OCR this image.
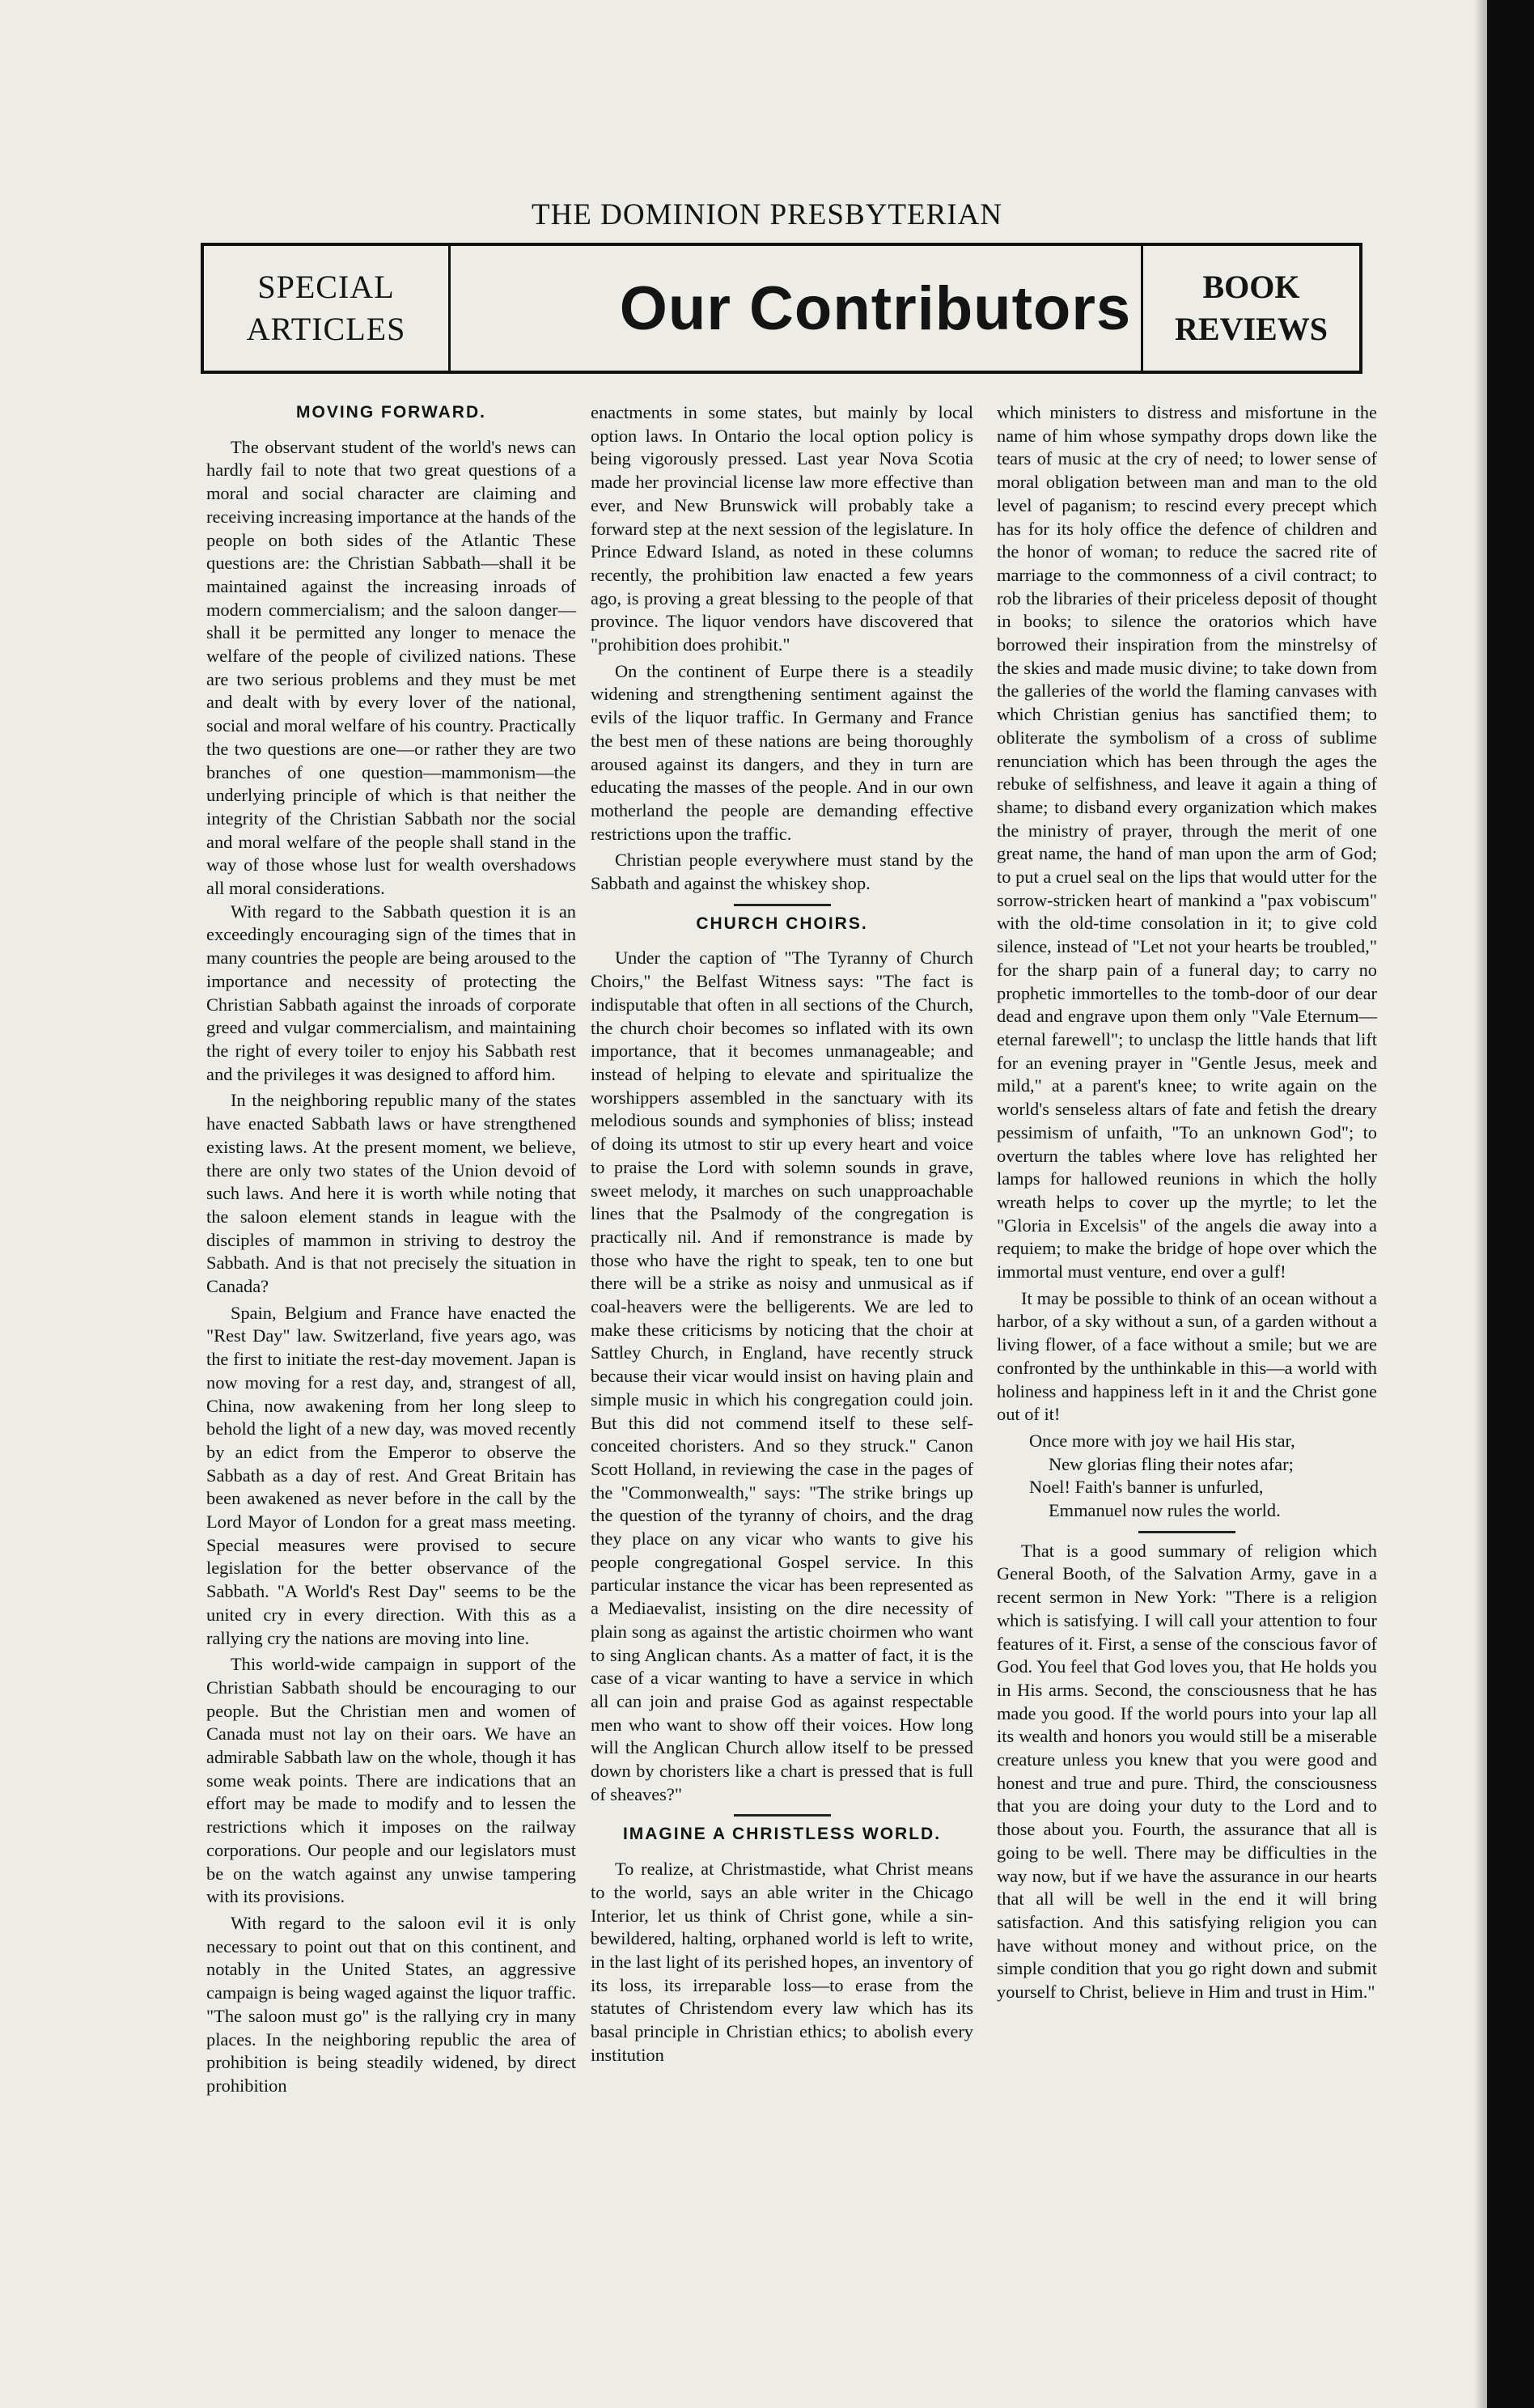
THE DOMINION PRESBYTERIAN
SPECIAL
ARTICLES	Our Contributors	BOOK
REVIEWS
MOVING FORWARD.

The observant student of the world's news can hardly fail to note that two great questions of a moral and social character are claiming and receiving increasing importance at the hands of the people on both sides of the Atlantic These questions are: the Christian Sabbath—shall it be maintained against the increasing inroads of modern commercialism; and the saloon danger—shall it be permitted any longer to menace the welfare of the people of civilized nations. These are two serious problems and they must be met and dealt with by every lover of the national, social and moral welfare of his country. Practically the two questions are one—or rather they are two branches of one question—mammonism—the underlying principle of which is that neither the integrity of the Christian Sabbath nor the social and moral welfare of the people shall stand in the way of those whose lust for wealth overshadows all moral considerations.

With regard to the Sabbath question it is an exceedingly encouraging sign of the times that in many countries the people are being aroused to the importance and necessity of protecting the Christian Sabbath against the inroads of corporate greed and vulgar commercialism, and maintaining the right of every toiler to enjoy his Sabbath rest and the privileges it was designed to afford him.

In the neighboring republic many of the states have enacted Sabbath laws or have strengthened existing laws. At the present moment, we believe, there are only two states of the Union devoid of such laws. And here it is worth while noting that the saloon element stands in league with the disciples of mammon in striving to destroy the Sabbath. And is that not precisely the situation in Canada?

Spain, Belgium and France have enacted the "Rest Day" law. Switzerland, five years ago, was the first to initiate the rest-day movement. Japan is now moving for a rest day, and, strangest of all, China, now awakening from her long sleep to behold the light of a new day, was moved recently by an edict from the Emperor to observe the Sabbath as a day of rest. And Great Britain has been awakened as never before in the call by the Lord Mayor of London for a great mass meeting. Special measures were provised to secure legislation for the better observance of the Sabbath. "A World's Rest Day" seems to be the united cry in every direction. With this as a rallying cry the nations are moving into line.

This world-wide campaign in support of the Christian Sabbath should be encouraging to our people. But the Christian men and women of Canada must not lay on their oars. We have an admirable Sabbath law on the whole, though it has some weak points. There are indications that an effort may be made to modify and to lessen the restrictions which it imposes on the railway corporations. Our people and our legislators must be on the watch against any unwise tampering with its provisions.

With regard to the saloon evil it is only necessary to point out that on this continent, and notably in the United States, an aggressive campaign is being waged against the liquor traffic. "The saloon must go" is the rallying cry in many places. In the neighboring republic the area of prohibition is being steadily widened, by direct prohibition

enactments in some states, but mainly by local option laws. In Ontario the local option policy is being vigorously pressed. Last year Nova Scotia made her provincial license law more effective than ever, and New Brunswick will probably take a forward step at the next session of the legislature. In Prince Edward Island, as noted in these columns recently, the prohibition law enacted a few years ago, is proving a great blessing to the people of that province. The liquor vendors have discovered that "prohibition does prohibit."

On the continent of Eurpe there is a steadily widening and strengthening sentiment against the evils of the liquor traffic. In Germany and France the best men of these nations are being thoroughly aroused against its dangers, and they in turn are educating the masses of the people. And in our own motherland the people are demanding effective restrictions upon the traffic.

Christian people everywhere must stand by the Sabbath and against the whiskey shop.

CHURCH CHOIRS.

Under the caption of "The Tyranny of Church Choirs," the Belfast Witness says: "The fact is indisputable that often in all sections of the Church, the church choir becomes so inflated with its own importance, that it becomes unmanageable; and instead of helping to elevate and spiritualize the worshippers assembled in the sanctuary with its melodious sounds and symphonies of bliss; instead of doing its utmost to stir up every heart and voice to praise the Lord with solemn sounds in grave, sweet melody, it marches on such unapproachable lines that the Psalmody of the congregation is practically nil. And if remonstrance is made by those who have the right to speak, ten to one but there will be a strike as noisy and unmusical as if coal-heavers were the belligerents. We are led to make these criticisms by noticing that the choir at Sattley Church, in England, have recently struck because their vicar would insist on having plain and simple music in which his congregation could join. But this did not commend itself to these self-conceited choristers. And so they struck." Canon Scott Holland, in reviewing the case in the pages of the "Commonwealth," says: "The strike brings up the question of the tyranny of choirs, and the drag they place on any vicar who wants to give his people congregational Gospel service. In this particular instance the vicar has been represented as a Mediaevalist, insisting on the dire necessity of plain song as against the artistic choirmen who want to sing Anglican chants. As a matter of fact, it is the case of a vicar wanting to have a service in which all can join and praise God as against respectable men who want to show off their voices. How long will the Anglican Church allow itself to be pressed down by choristers like a chart is pressed that is full of sheaves?"

IMAGINE A CHRISTLESS WORLD.

To realize, at Christmastide, what Christ means to the world, says an able writer in the Chicago Interior, let us think of Christ gone, while a sin-bewildered, halting, orphaned world is left to write, in the last light of its perished hopes, an inventory of its loss, its irreparable loss—to erase from the statutes of Christendom every law which has its basal principle in Christian ethics; to abolish every institution

which ministers to distress and misfortune in the name of him whose sympathy drops down like the tears of music at the cry of need; to lower sense of moral obligation between man and man to the old level of paganism; to rescind every precept which has for its holy office the defence of children and the honor of woman; to reduce the sacred rite of marriage to the commonness of a civil contract; to rob the libraries of their priceless deposit of thought in books; to silence the oratorios which have borrowed their inspiration from the minstrelsy of the skies and made music divine; to take down from the galleries of the world the flaming canvases with which Christian genius has sanctified them; to obliterate the symbolism of a cross of sublime renunciation which has been through the ages the rebuke of selfishness, and leave it again a thing of shame; to disband every organization which makes the ministry of prayer, through the merit of one great name, the hand of man upon the arm of God; to put a cruel seal on the lips that would utter for the sorrow-stricken heart of mankind a "pax vobiscum" with the old-time consolation in it; to give cold silence, instead of "Let not your hearts be troubled," for the sharp pain of a funeral day; to carry no prophetic immortelles to the tomb-door of our dear dead and engrave upon them only "Vale Eternum—eternal farewell"; to unclasp the little hands that lift for an evening prayer in "Gentle Jesus, meek and mild," at a parent's knee; to write again on the world's senseless altars of fate and fetish the dreary pessimism of unfaith, "To an unknown God"; to overturn the tables where love has relighted her lamps for hallowed reunions in which the holly wreath helps to cover up the myrtle; to let the "Gloria in Excelsis" of the angels die away into a requiem; to make the bridge of hope over which the immortal must venture, end over a gulf!

It may be possible to think of an ocean without a harbor, of a sky without a sun, of a garden without a living flower, of a face without a smile; but we are confronted by the unthinkable in this—a world with holiness and happiness left in it and the Christ gone out of it!

Once more with joy we hail His star,
New glorias fling their notes afar;
Noel! Faith's banner is unfurled,
Emmanuel now rules the world.

That is a good summary of religion which General Booth, of the Salvation Army, gave in a recent sermon in New York: "There is a religion which is satisfying. I will call your attention to four features of it. First, a sense of the conscious favor of God. You feel that God loves you, that He holds you in His arms. Second, the consciousness that he has made you good. If the world pours into your lap all its wealth and honors you would still be a miserable creature unless you knew that you were good and honest and true and pure. Third, the consciousness that you are doing your duty to the Lord and to those about you. Fourth, the assurance that all is going to be well. There may be difficulties in the way now, but if we have the assurance in our hearts that all will be well in the end it will bring satisfaction. And this satisfying religion you can have without money and without price, on the simple condition that you go right down and submit yourself to Christ, believe in Him and trust in Him."
